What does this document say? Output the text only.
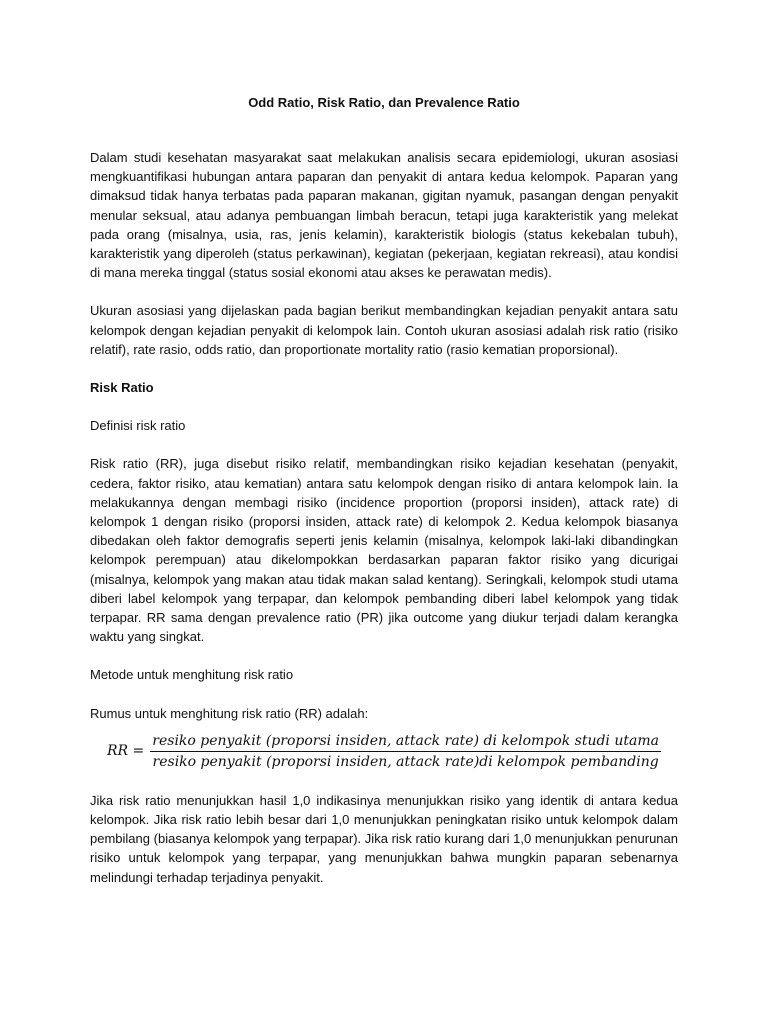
Odd Ratio, Risk Ratio, dan Prevalence Ratio

Dalam studi kesehatan masyarakat saat melakukan analisis secara epidemiologi, ukuran asosiasi mengkuantifikasi hubungan antara paparan dan penyakit di antara kedua kelompok. Paparan yang dimaksud tidak hanya terbatas pada paparan makanan, gigitan nyamuk, pasangan dengan penyakit menular seksual, atau adanya pembuangan limbah beracun, tetapi juga karakteristik yang melekat pada orang (misalnya, usia, ras, jenis kelamin), karakteristik biologis (status kekebalan tubuh), karakteristik yang diperoleh (status perkawinan), kegiatan (pekerjaan, kegiatan rekreasi), atau kondisi di mana mereka tinggal (status sosial ekonomi atau akses ke perawatan medis).

Ukuran asosiasi yang dijelaskan pada bagian berikut membandingkan kejadian penyakit antara satu kelompok dengan kejadian penyakit di kelompok lain. Contoh ukuran asosiasi adalah risk ratio (risiko relatif), rate rasio, odds ratio, dan proportionate mortality ratio (rasio kematian proporsional).

Risk Ratio

Definisi risk ratio

Risk ratio (RR), juga disebut risiko relatif, membandingkan risiko kejadian kesehatan (penyakit, cedera, faktor risiko, atau kematian) antara satu kelompok dengan risiko di antara kelompok lain. Ia melakukannya dengan membagi risiko (incidence proportion (proporsi insiden), attack rate) di kelompok 1 dengan risiko (proporsi insiden, attack rate) di kelompok 2. Kedua kelompok biasanya dibedakan oleh faktor demografis seperti jenis kelamin (misalnya, kelompok laki-laki dibandingkan kelompok perempuan) atau dikelompokkan berdasarkan paparan faktor risiko yang dicurigai (misalnya, kelompok yang makan atau tidak makan salad kentang). Seringkali, kelompok studi utama diberi label kelompok yang terpapar, dan kelompok pembanding diberi label kelompok yang tidak terpapar. RR sama dengan prevalence ratio (PR) jika outcome yang diukur terjadi dalam kerangka waktu yang singkat.

Metode untuk menghitung risk ratio

Rumus untuk menghitung risk ratio (RR) adalah:

RR =
resiko penyakit (proporsi insiden, attack rate) di kelompok studi utama
resiko penyakit (proporsi insiden, attack rate)di kelompok pembanding

Jika risk ratio menunjukkan hasil 1,0 indikasinya menunjukkan risiko yang identik di antara kedua kelompok. Jika risk ratio lebih besar dari 1,0 menunjukkan peningkatan risiko untuk kelompok dalam pembilang (biasanya kelompok yang terpapar). Jika risk ratio kurang dari 1,0 menunjukkan penurunan risiko untuk kelompok yang terpapar, yang menunjukkan bahwa mungkin paparan sebenarnya melindungi terhadap terjadinya penyakit.
